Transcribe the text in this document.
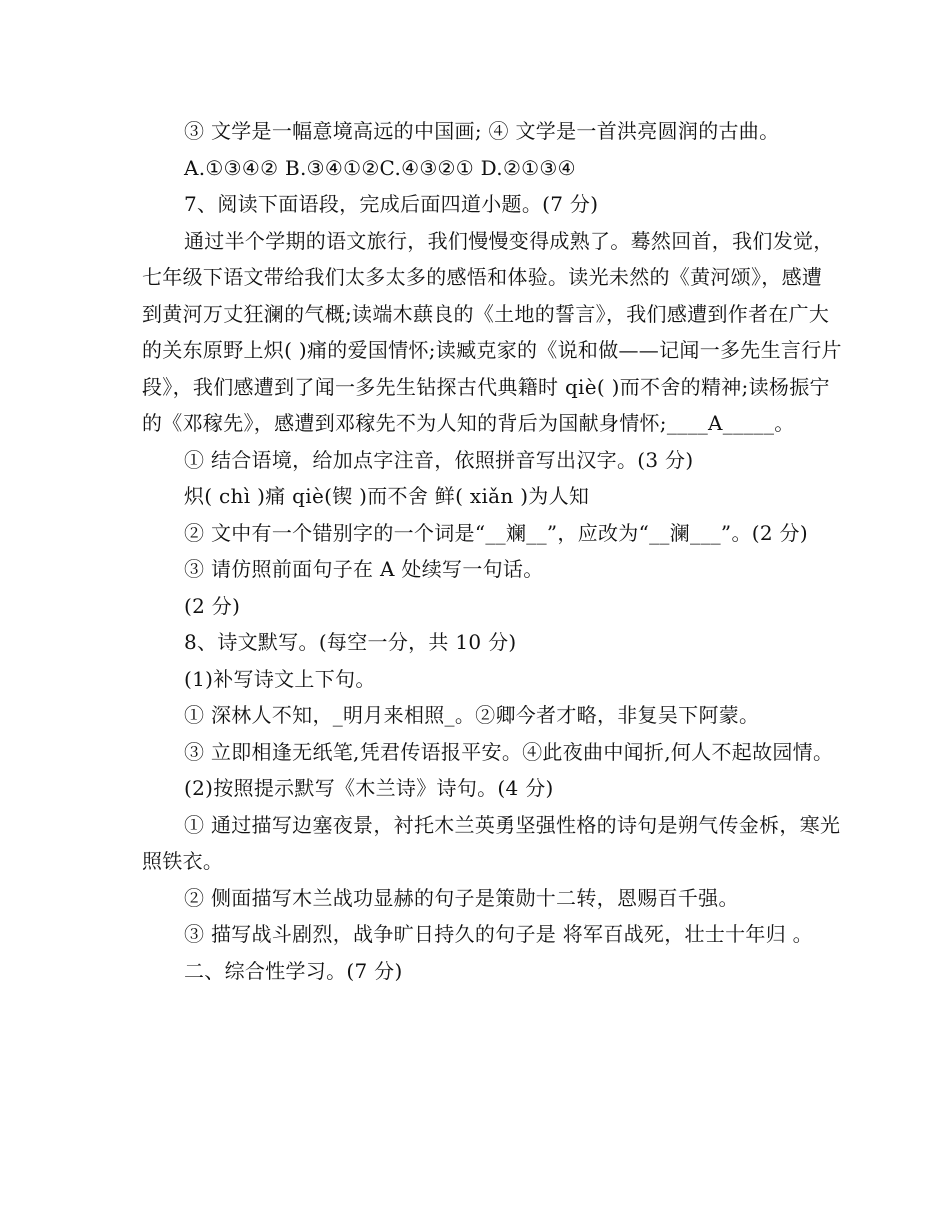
③ 文学是一幅意境高远的中国画; ④ 文学是一首洪亮圆润的古曲。

A.①③④② B.③④①②C.④③②① D.②①③④

7、阅读下面语段，完成后面四道小题。(7 分)

通过半个学期的语文旅行，我们慢慢变得成熟了。蓦然回首，我们发觉，七年级下语文带给我们太多太多的感悟和体验。读光未然的《黄河颂》，感遭到黄河万丈狂澜的气概;读端木蕻良的《土地的誓言》，我们感遭到作者在广大的关东原野上炽( )痛的爱国情怀;读臧克家的《说和做——记闻一多先生言行片段》，我们感遭到了闻一多先生钻探古代典籍时 qiè( )而不舍的精神;读杨振宁的《邓稼先》，感遭到邓稼先不为人知的背后为国献身情怀;____A_____。

① 结合语境，给加点字注音，依照拼音写出汉字。(3 分)

炽( chì )痛 qiè(锲 )而不舍 鲜( xiǎn )为人知

② 文中有一个错别字的一个词是“__斓__”，应改为“__澜___”。(2 分)

③ 请仿照前面句子在 A 处续写一句话。

(2 分)

8、诗文默写。(每空一分，共 10 分)

(1)补写诗文上下句。

① 深林人不知，_明月来相照_。②卿今者才略，非复吴下阿蒙。

③ 立即相逢无纸笔,凭君传语报平安。④此夜曲中闻折,何人不起故园情。

(2)按照提示默写《木兰诗》诗句。(4 分)

① 通过描写边塞夜景，衬托木兰英勇坚强性格的诗句是朔气传金柝，寒光照铁衣。

② 侧面描写木兰战功显赫的句子是策勋十二转，恩赐百千强。

③ 描写战斗剧烈，战争旷日持久的句子是 将军百战死，壮士十年归 。

二、综合性学习。(7 分)
